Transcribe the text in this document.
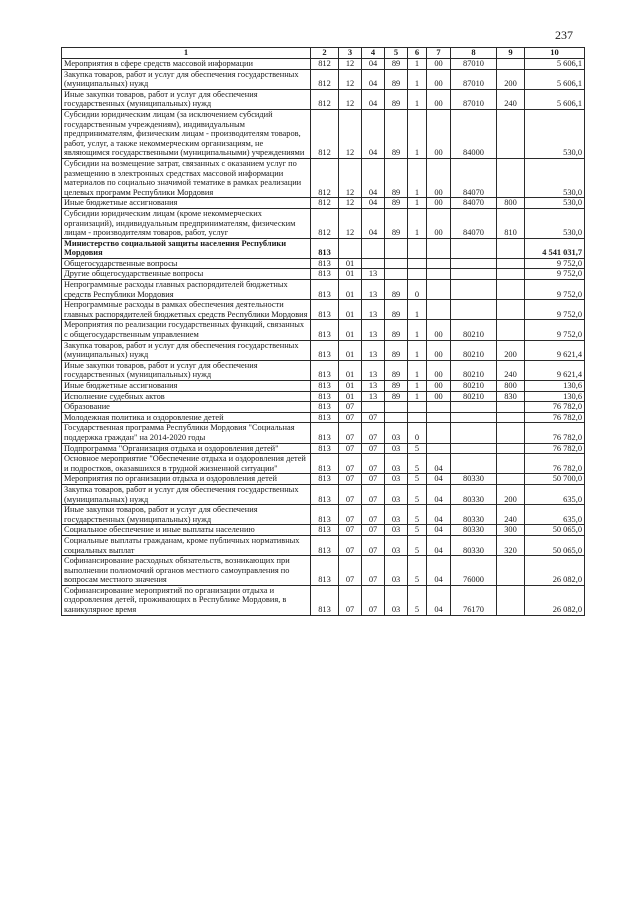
237
1	2	3	4	5	6	7	8	9	10
Мероприятия в сфере средств массовой информации	812	12	04	89	1	00	87010		5 606,1
Закупка товаров, работ и услуг для обеспечения государственных (муниципальных) нужд	812	12	04	89	1	00	87010	200	5 606,1
Иные закупки товаров, работ и услуг для обеспечения государственных (муниципальных) нужд	812	12	04	89	1	00	87010	240	5 606,1
Субсидии юридическим лицам (за исключением субсидий государственным учреждениям), индивидуальным предпринимателям, физическим лицам - производителям товаров, работ, услуг, а также некоммерческим организациям, не являющимся государственными (муниципальными) учреждениями	812	12	04	89	1	00	84000		530,0
Субсидии на возмещение затрат, связанных с оказанием услуг по размещению в электронных средствах массовой информации материалов по социально значимой тематике в рамках реализации целевых программ Республики Мордовия	812	12	04	89	1	00	84070		530,0
Иные бюджетные ассигнования	812	12	04	89	1	00	84070	800	530,0
Субсидии юридическим лицам (кроме некоммерческих организаций), индивидуальным предпринимателям, физическим лицам - производителям товаров, работ, услуг	812	12	04	89	1	00	84070	810	530,0
Министерство социальной защиты населения Республики Мордовия	813								4 541 031,7
Общегосударственные вопросы	813	01							9 752,0
Другие общегосударственные вопросы	813	01	13						9 752,0
Непрограммные расходы главных распорядителей бюджетных средств Республики Мордовия	813	01	13	89	0				9 752,0
Непрограммные расходы в рамках обеспечения деятельности главных распорядителей бюджетных средств Республики Мордовия	813	01	13	89	1				9 752,0
Мероприятия по реализации государственных функций, связанных с общегосударственным управлением	813	01	13	89	1	00	80210		9 752,0
Закупка товаров, работ и услуг для обеспечения государственных (муниципальных) нужд	813	01	13	89	1	00	80210	200	9 621,4
Иные закупки товаров, работ и услуг для обеспечения государственных (муниципальных) нужд	813	01	13	89	1	00	80210	240	9 621,4
Иные бюджетные ассигнования	813	01	13	89	1	00	80210	800	130,6
Исполнение судебных актов	813	01	13	89	1	00	80210	830	130,6
Образование	813	07							76 782,0
Молодежная политика и оздоровление детей	813	07	07						76 782,0
Государственная программа Республики Мордовия "Социальная поддержка граждан" на 2014-2020 годы	813	07	07	03	0				76 782,0
Подпрограмма "Организация отдыха и оздоровления детей"	813	07	07	03	5				76 782,0
Основное мероприятие "Обеспечение отдыха и оздоровления детей и подростков, оказавшихся в трудной жизненной ситуации"	813	07	07	03	5	04			76 782,0
Мероприятия по организации отдыха и оздоровления детей	813	07	07	03	5	04	80330		50 700,0
Закупка товаров, работ и услуг для обеспечения государственных (муниципальных) нужд	813	07	07	03	5	04	80330	200	635,0
Иные закупки товаров, работ и услуг для обеспечения государственных (муниципальных) нужд	813	07	07	03	5	04	80330	240	635,0
Социальное обеспечение и иные выплаты населению	813	07	07	03	5	04	80330	300	50 065,0
Социальные выплаты гражданам, кроме публичных нормативных социальных выплат	813	07	07	03	5	04	80330	320	50 065,0
Софинансирование расходных обязательств, возникающих при выполнении полномочий органов местного самоуправления по вопросам местного значения	813	07	07	03	5	04	76000		26 082,0
Софинансирование мероприятий по организации отдыха и оздоровления детей, проживающих в Республике Мордовия, в каникулярное время	813	07	07	03	5	04	76170		26 082,0
